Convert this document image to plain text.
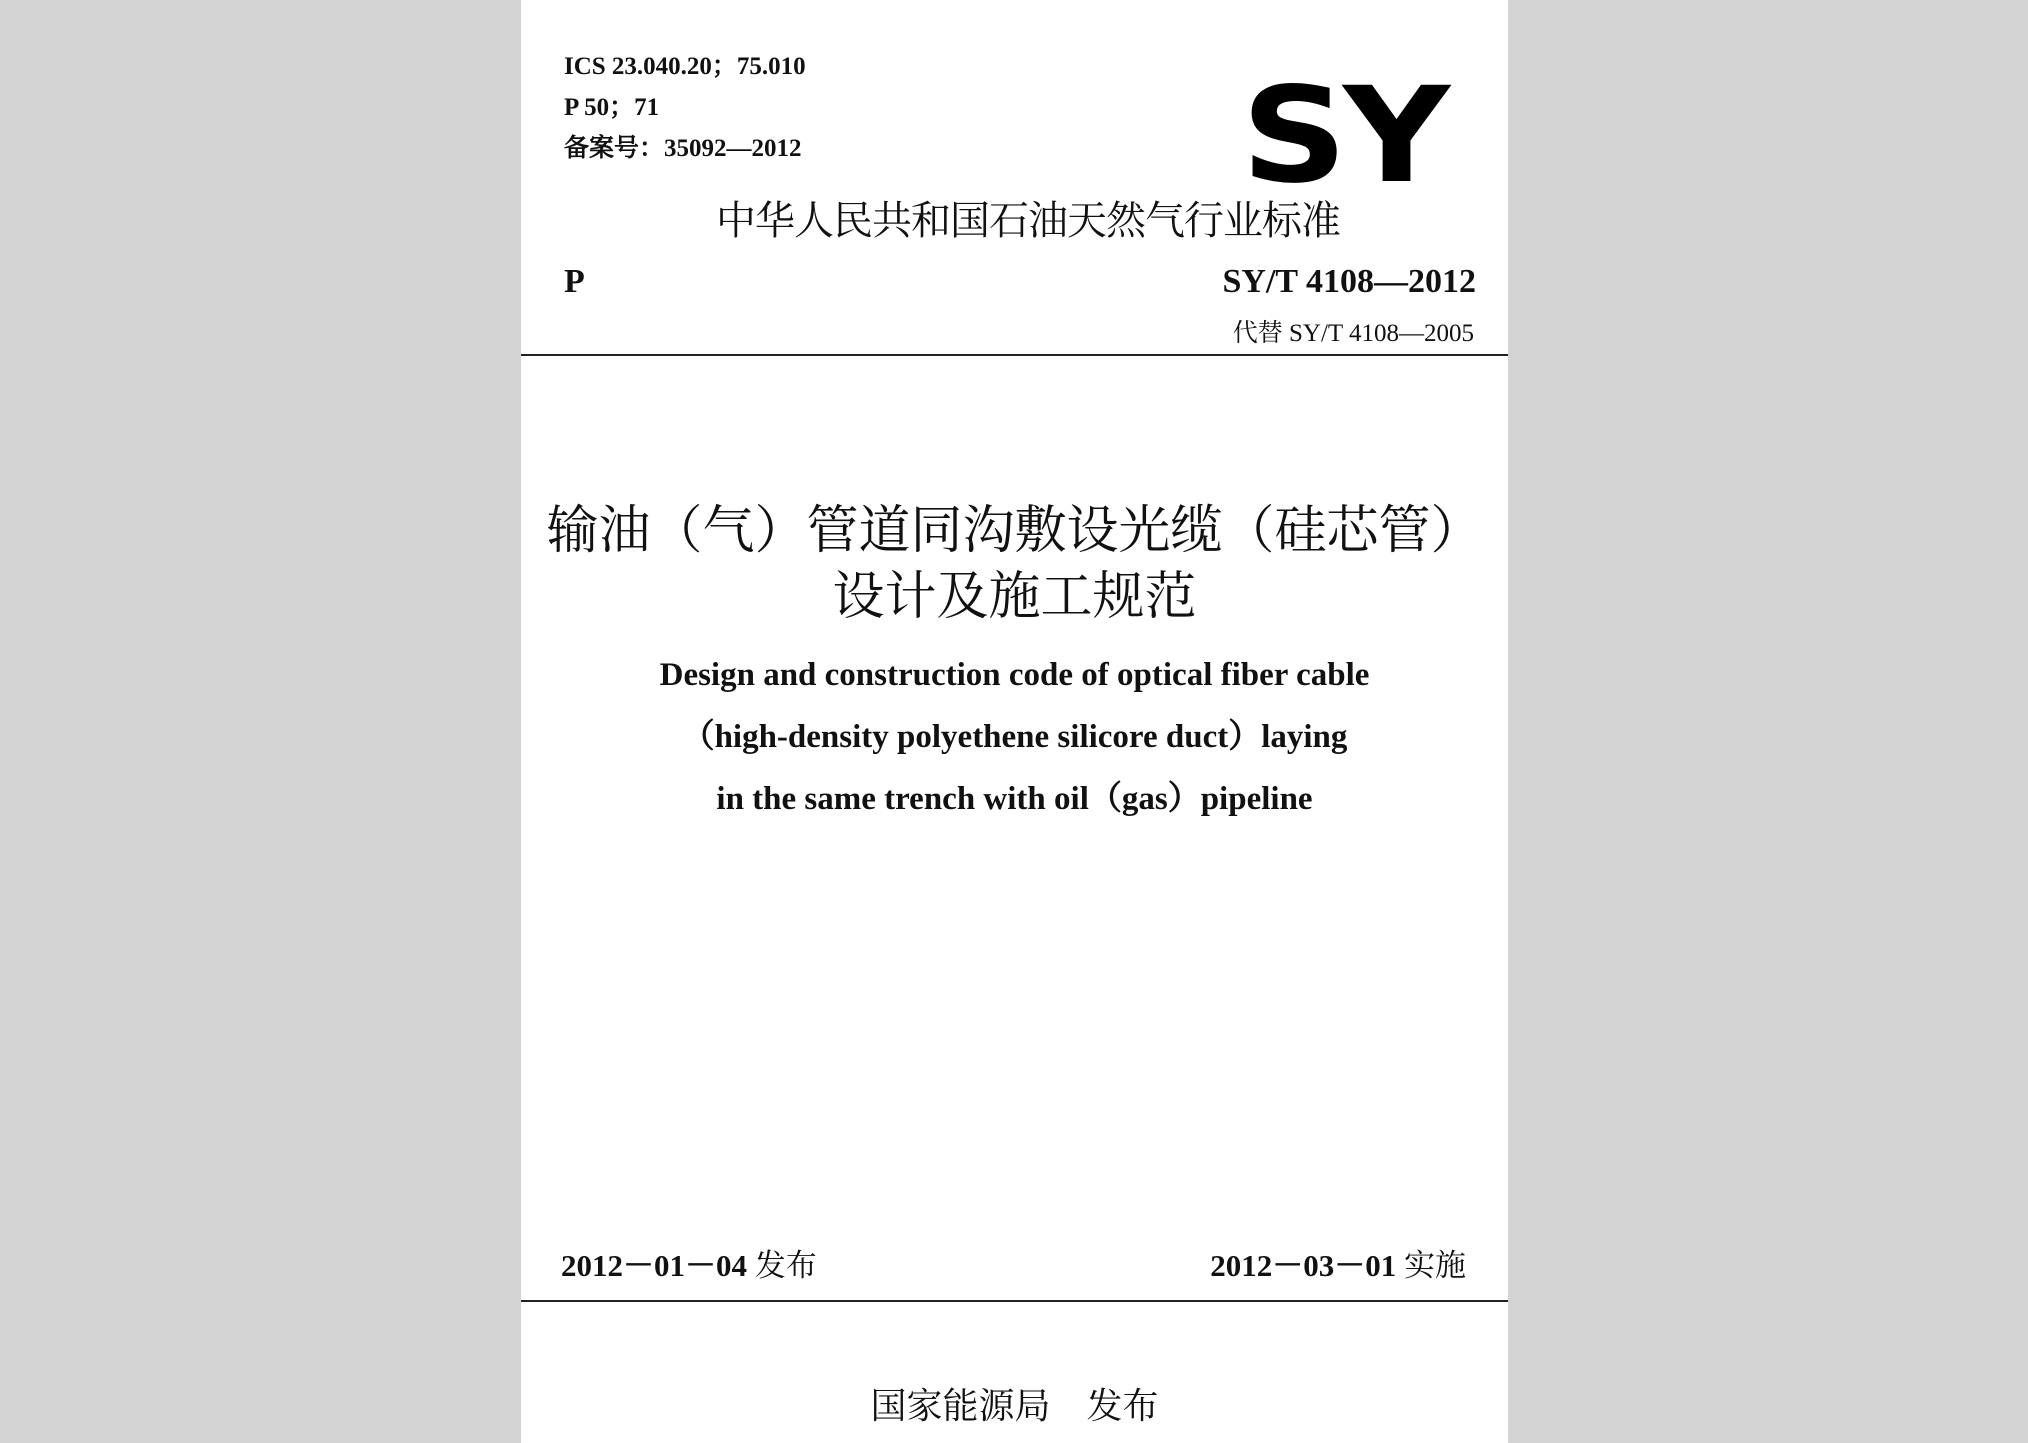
ICS 23.040.20；75.010
P 50；71
备案号：35092—2012	SY
中华人民共和国石油天然气行业标准
P	SY/T 4108—2012
代替 SY/T 4108—2005
输油（气）管道同沟敷设光缆（硅芯管）
设计及施工规范
Design and construction code of optical fiber cable
（high-density polyethene silicore duct）laying
in the same trench with oil（gas）pipeline
2012－01－04 发布	2012－03－01 实施
国家能源局 发布
